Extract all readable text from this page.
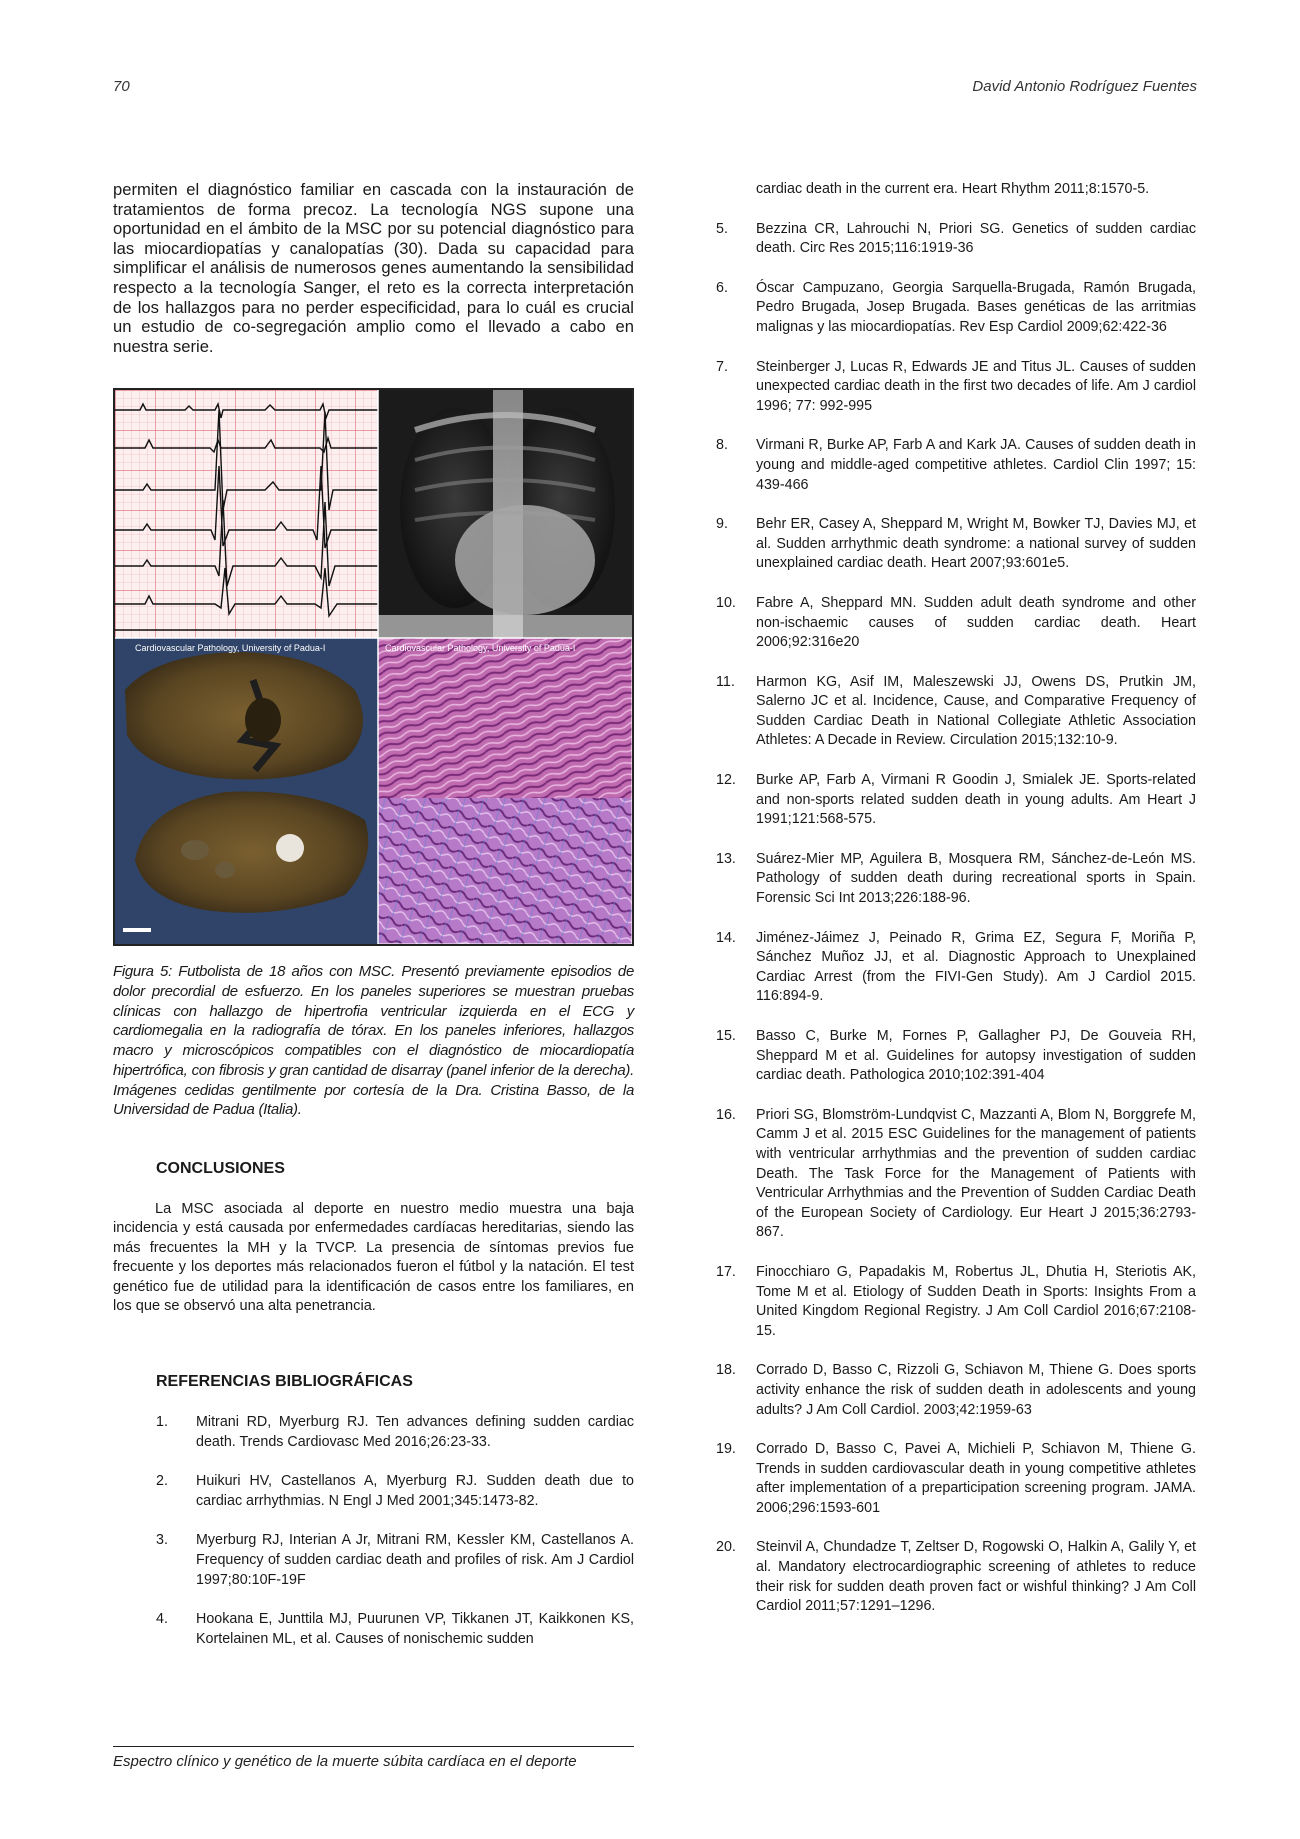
70	David Antonio Rodríguez Fuentes

permiten el diagnóstico familiar en cascada con la instauración de tratamientos de forma precoz. La tecnología NGS supone una oportunidad en el ámbito de la MSC por su potencial diagnóstico para las miocardiopatías y canalopatías (30). Dada su capacidad para simplificar el análisis de numerosos genes aumentando la sensibilidad respecto a la tecnología Sanger, el reto es la correcta interpretación de los hallazgos para no perder especificidad, para lo cuál es crucial un estudio de co-segregación amplio como el llevado a cabo en nuestra serie.

Cardiovascular Pathology, University of Padua-I	Cardiovascular Pathology, University of Padua-I

Figura 5: Futbolista de 18 años con MSC. Presentó previamente episodios de dolor precordial de esfuerzo. En los paneles superiores se muestran pruebas clínicas con hallazgo de hipertrofia ventricular izquierda en el ECG y cardiomegalia en la radiografía de tórax. En los paneles inferiores, hallazgos macro y microscópicos compatibles con el diagnóstico de miocardiopatía hipertrófica, con fibrosis y gran cantidad de disarray (panel inferior de la derecha). Imágenes cedidas gentilmente por cortesía de la Dra. Cristina Basso, de la Universidad de Padua (Italia).

CONCLUSIONES

La MSC asociada al deporte en nuestro medio muestra una baja incidencia y está causada por enfermedades cardíacas hereditarias, siendo las más frecuentes la MH y la TVCP. La presencia de síntomas previos fue frecuente y los deportes más relacionados fueron el fútbol y la natación. El test genético fue de utilidad para la identificación de casos entre los familiares, en los que se observó una alta penetrancia.

REFERENCIAS BIBLIOGRÁFICAS
1.	Mitrani RD, Myerburg RJ. Ten advances defining sudden cardiac death. Trends Cardiovasc Med 2016;26:23-33.
2.	Huikuri HV, Castellanos A, Myerburg RJ. Sudden death due to cardiac arrhythmias. N Engl J Med 2001;345:1473-82.
3.	Myerburg RJ, Interian A Jr, Mitrani RM, Kessler KM, Castellanos A. Frequency of sudden cardiac death and profiles of risk. Am J Cardiol 1997;80:10F-19F
4.	Hookana E, Junttila MJ, Puurunen VP, Tikkanen JT, Kaikkonen KS, Kortelainen ML, et al. Causes of nonischemic sudden
cardiac death in the current era. Heart Rhythm 2011;8:1570-5.
5.	Bezzina CR, Lahrouchi N, Priori SG. Genetics of sudden cardiac death. Circ Res 2015;116:1919-36
6.	Óscar Campuzano, Georgia Sarquella-Brugada, Ramón Brugada, Pedro Brugada, Josep Brugada. Bases genéticas de las arritmias malignas y las miocardiopatías. Rev Esp Cardiol 2009;62:422-36
7.	Steinberger J, Lucas R, Edwards JE and Titus JL. Causes of sudden unexpected cardiac death in the first two decades of life. Am J cardiol 1996; 77: 992-995
8.	Virmani R, Burke AP, Farb A and Kark JA. Causes of sudden death in young and middle-aged competitive athletes. Cardiol Clin 1997; 15: 439-466
9.	Behr ER, Casey A, Sheppard M, Wright M, Bowker TJ, Davies MJ, et al. Sudden arrhythmic death syndrome: a national survey of sudden unexplained cardiac death. Heart 2007;93:601e5.
10.	Fabre A, Sheppard MN. Sudden adult death syndrome and other non-ischaemic causes of sudden cardiac death. Heart 2006;92:316e20
11.	Harmon KG, Asif IM, Maleszewski JJ, Owens DS, Prutkin JM, Salerno JC et al. Incidence, Cause, and Comparative Frequency of Sudden Cardiac Death in National Collegiate Athletic Association Athletes: A Decade in Review. Circulation 2015;132:10-9.
12.	Burke AP, Farb A, Virmani R Goodin J, Smialek JE. Sports-related and non-sports related sudden death in young adults. Am Heart J 1991;121:568-575.
13.	Suárez-Mier MP, Aguilera B, Mosquera RM, Sánchez-de-León MS. Pathology of sudden death during recreational sports in Spain. Forensic Sci Int 2013;226:188-96.
14.	Jiménez-Jáimez J, Peinado R, Grima EZ, Segura F, Moriña P, Sánchez Muñoz JJ, et al. Diagnostic Approach to Unexplained Cardiac Arrest (from the FIVI-Gen Study). Am J Cardiol 2015. 116:894-9.
15.	Basso C, Burke M, Fornes P, Gallagher PJ, De Gouveia RH, Sheppard M et al. Guidelines for autopsy investigation of sudden cardiac death. Pathologica 2010;102:391-404
16.	Priori SG, Blomström-Lundqvist C, Mazzanti A, Blom N, Borggrefe M, Camm J et al. 2015 ESC Guidelines for the management of patients with ventricular arrhythmias and the prevention of sudden cardiac Death. The Task Force for the Management of Patients with Ventricular Arrhythmias and the Prevention of Sudden Cardiac Death of the European Society of Cardiology. Eur Heart J 2015;36:2793-867.
17.	Finocchiaro G, Papadakis M, Robertus JL, Dhutia H, Steriotis AK, Tome M et al. Etiology of Sudden Death in Sports: Insights From a United Kingdom Regional Registry. J Am Coll Cardiol 2016;67:2108-15.
18.	Corrado D, Basso C, Rizzoli G, Schiavon M, Thiene G. Does sports activity enhance the risk of sudden death in adolescents and young adults? J Am Coll Cardiol. 2003;42:1959-63
19.	Corrado D, Basso C, Pavei A, Michieli P, Schiavon M, Thiene G. Trends in sudden cardiovascular death in young competitive athletes after implementation of a preparticipation screening program. JAMA. 2006;296:1593-601
20.	Steinvil A, Chundadze T, Zeltser D, Rogowski O, Halkin A, Galily Y, et al. Mandatory electrocardiographic screening of athletes to reduce their risk for sudden death proven fact or wishful thinking? J Am Coll Cardiol 2011;57:1291–1296.
Espectro clínico y genético de la muerte súbita cardíaca en el deporte
